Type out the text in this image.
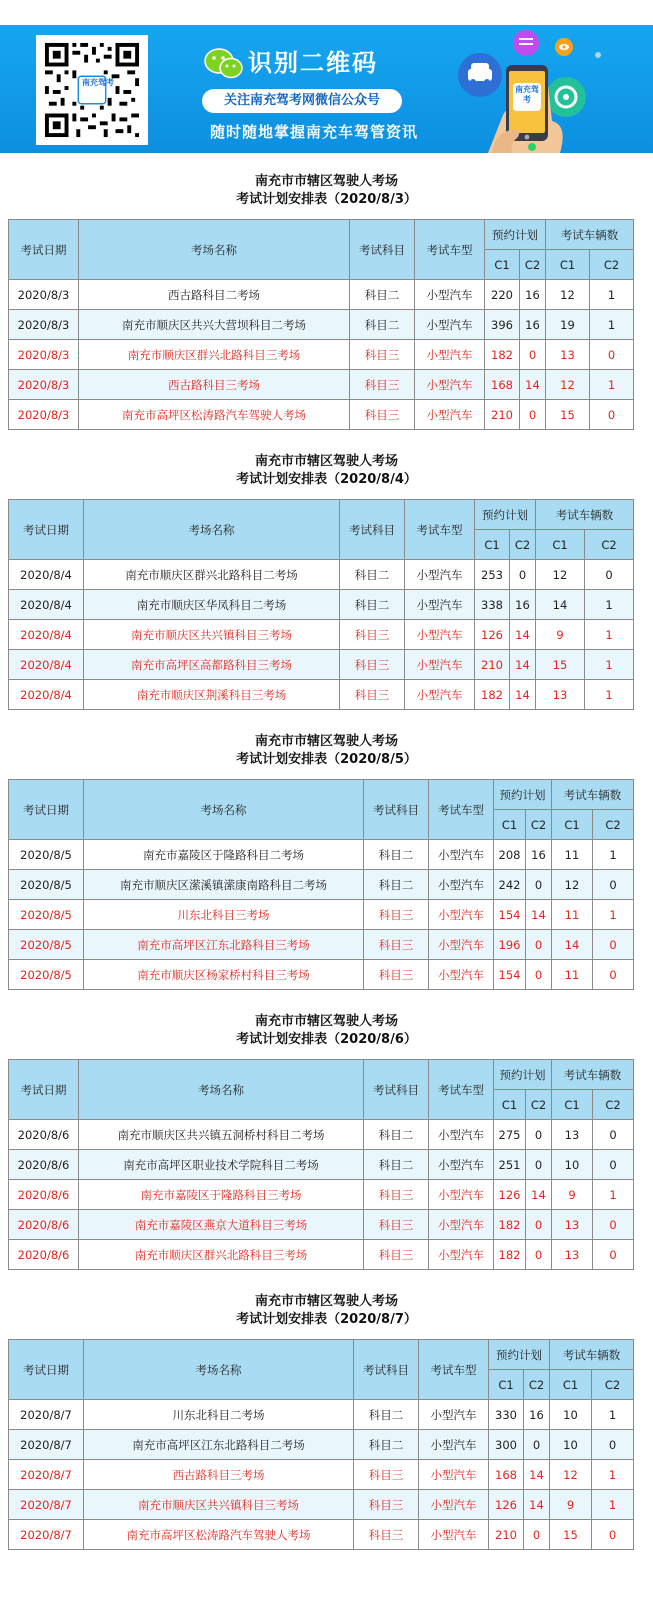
南充驾考
识别二维码
关注南充驾考网微信公众号
随时随地掌握南充车驾管资讯
南充驾考
南充市市辖区驾驶人考场
考试计划安排表（2020/8/3）
考试日期	考场名称	考试科目	考试车型	预约计划		考试车辆数	
				C1	C2	C1	C2
2020/8/3	西古路科目二考场	科目二	小型汽车	220	16	12	1
2020/8/3	南充市顺庆区共兴大营坝科目二考场	科目二	小型汽车	396	16	19	1
2020/8/3	南充市顺庆区群兴北路科目三考场	科目三	小型汽车	182	0	13	0
2020/8/3	西古路科目三考场	科目三	小型汽车	168	14	12	1
2020/8/3	南充市高坪区松涛路汽车驾驶人考场	科目三	小型汽车	210	0	15	0
南充市市辖区驾驶人考场
考试计划安排表（2020/8/4）
考试日期	考场名称	考试科目	考试车型	预约计划		考试车辆数	
				C1	C2	C1	C2
2020/8/4	南充市顺庆区群兴北路科目二考场	科目二	小型汽车	253	0	12	0
2020/8/4	南充市顺庆区华凤科目二考场	科目二	小型汽车	338	16	14	1
2020/8/4	南充市顺庆区共兴镇科目三考场	科目三	小型汽车	126	14	9	1
2020/8/4	南充市高坪区高都路科目三考场	科目三	小型汽车	210	14	15	1
2020/8/4	南充市顺庆区荆溪科目三考场	科目三	小型汽车	182	14	13	1
南充市市辖区驾驶人考场
考试计划安排表（2020/8/5）
考试日期	考场名称	考试科目	考试车型	预约计划		考试车辆数	
				C1	C2	C1	C2
2020/8/5	南充市嘉陵区于隆路科目二考场	科目二	小型汽车	208	16	11	1
2020/8/5	南充市顺庆区潆溪镇潆康南路科目二考场	科目二	小型汽车	242	0	12	0
2020/8/5	川东北科目三考场	科目三	小型汽车	154	14	11	1
2020/8/5	南充市高坪区江东北路科目三考场	科目三	小型汽车	196	0	14	0
2020/8/5	南充市顺庆区杨家桥村科目三考场	科目三	小型汽车	154	0	11	0
南充市市辖区驾驶人考场
考试计划安排表（2020/8/6）
考试日期	考场名称	考试科目	考试车型	预约计划		考试车辆数	
				C1	C2	C1	C2
2020/8/6	南充市顺庆区共兴镇五洞桥村科目二考场	科目二	小型汽车	275	0	13	0
2020/8/6	南充市高坪区职业技术学院科目二考场	科目二	小型汽车	251	0	10	0
2020/8/6	南充市嘉陵区于隆路科目三考场	科目三	小型汽车	126	14	9	1
2020/8/6	南充市嘉陵区燕京大道科目三考场	科目三	小型汽车	182	0	13	0
2020/8/6	南充市顺庆区群兴北路科目三考场	科目三	小型汽车	182	0	13	0
南充市市辖区驾驶人考场
考试计划安排表（2020/8/7）
考试日期	考场名称	考试科目	考试车型	预约计划		考试车辆数	
				C1	C2	C1	C2
2020/8/7	川东北科目二考场	科目二	小型汽车	330	16	10	1
2020/8/7	南充市高坪区江东北路科目二考场	科目二	小型汽车	300	0	10	0
2020/8/7	西古路科目三考场	科目三	小型汽车	168	14	12	1
2020/8/7	南充市顺庆区共兴镇科目三考场	科目三	小型汽车	126	14	9	1
2020/8/7	南充市高坪区松涛路汽车驾驶人考场	科目三	小型汽车	210	0	15	0
